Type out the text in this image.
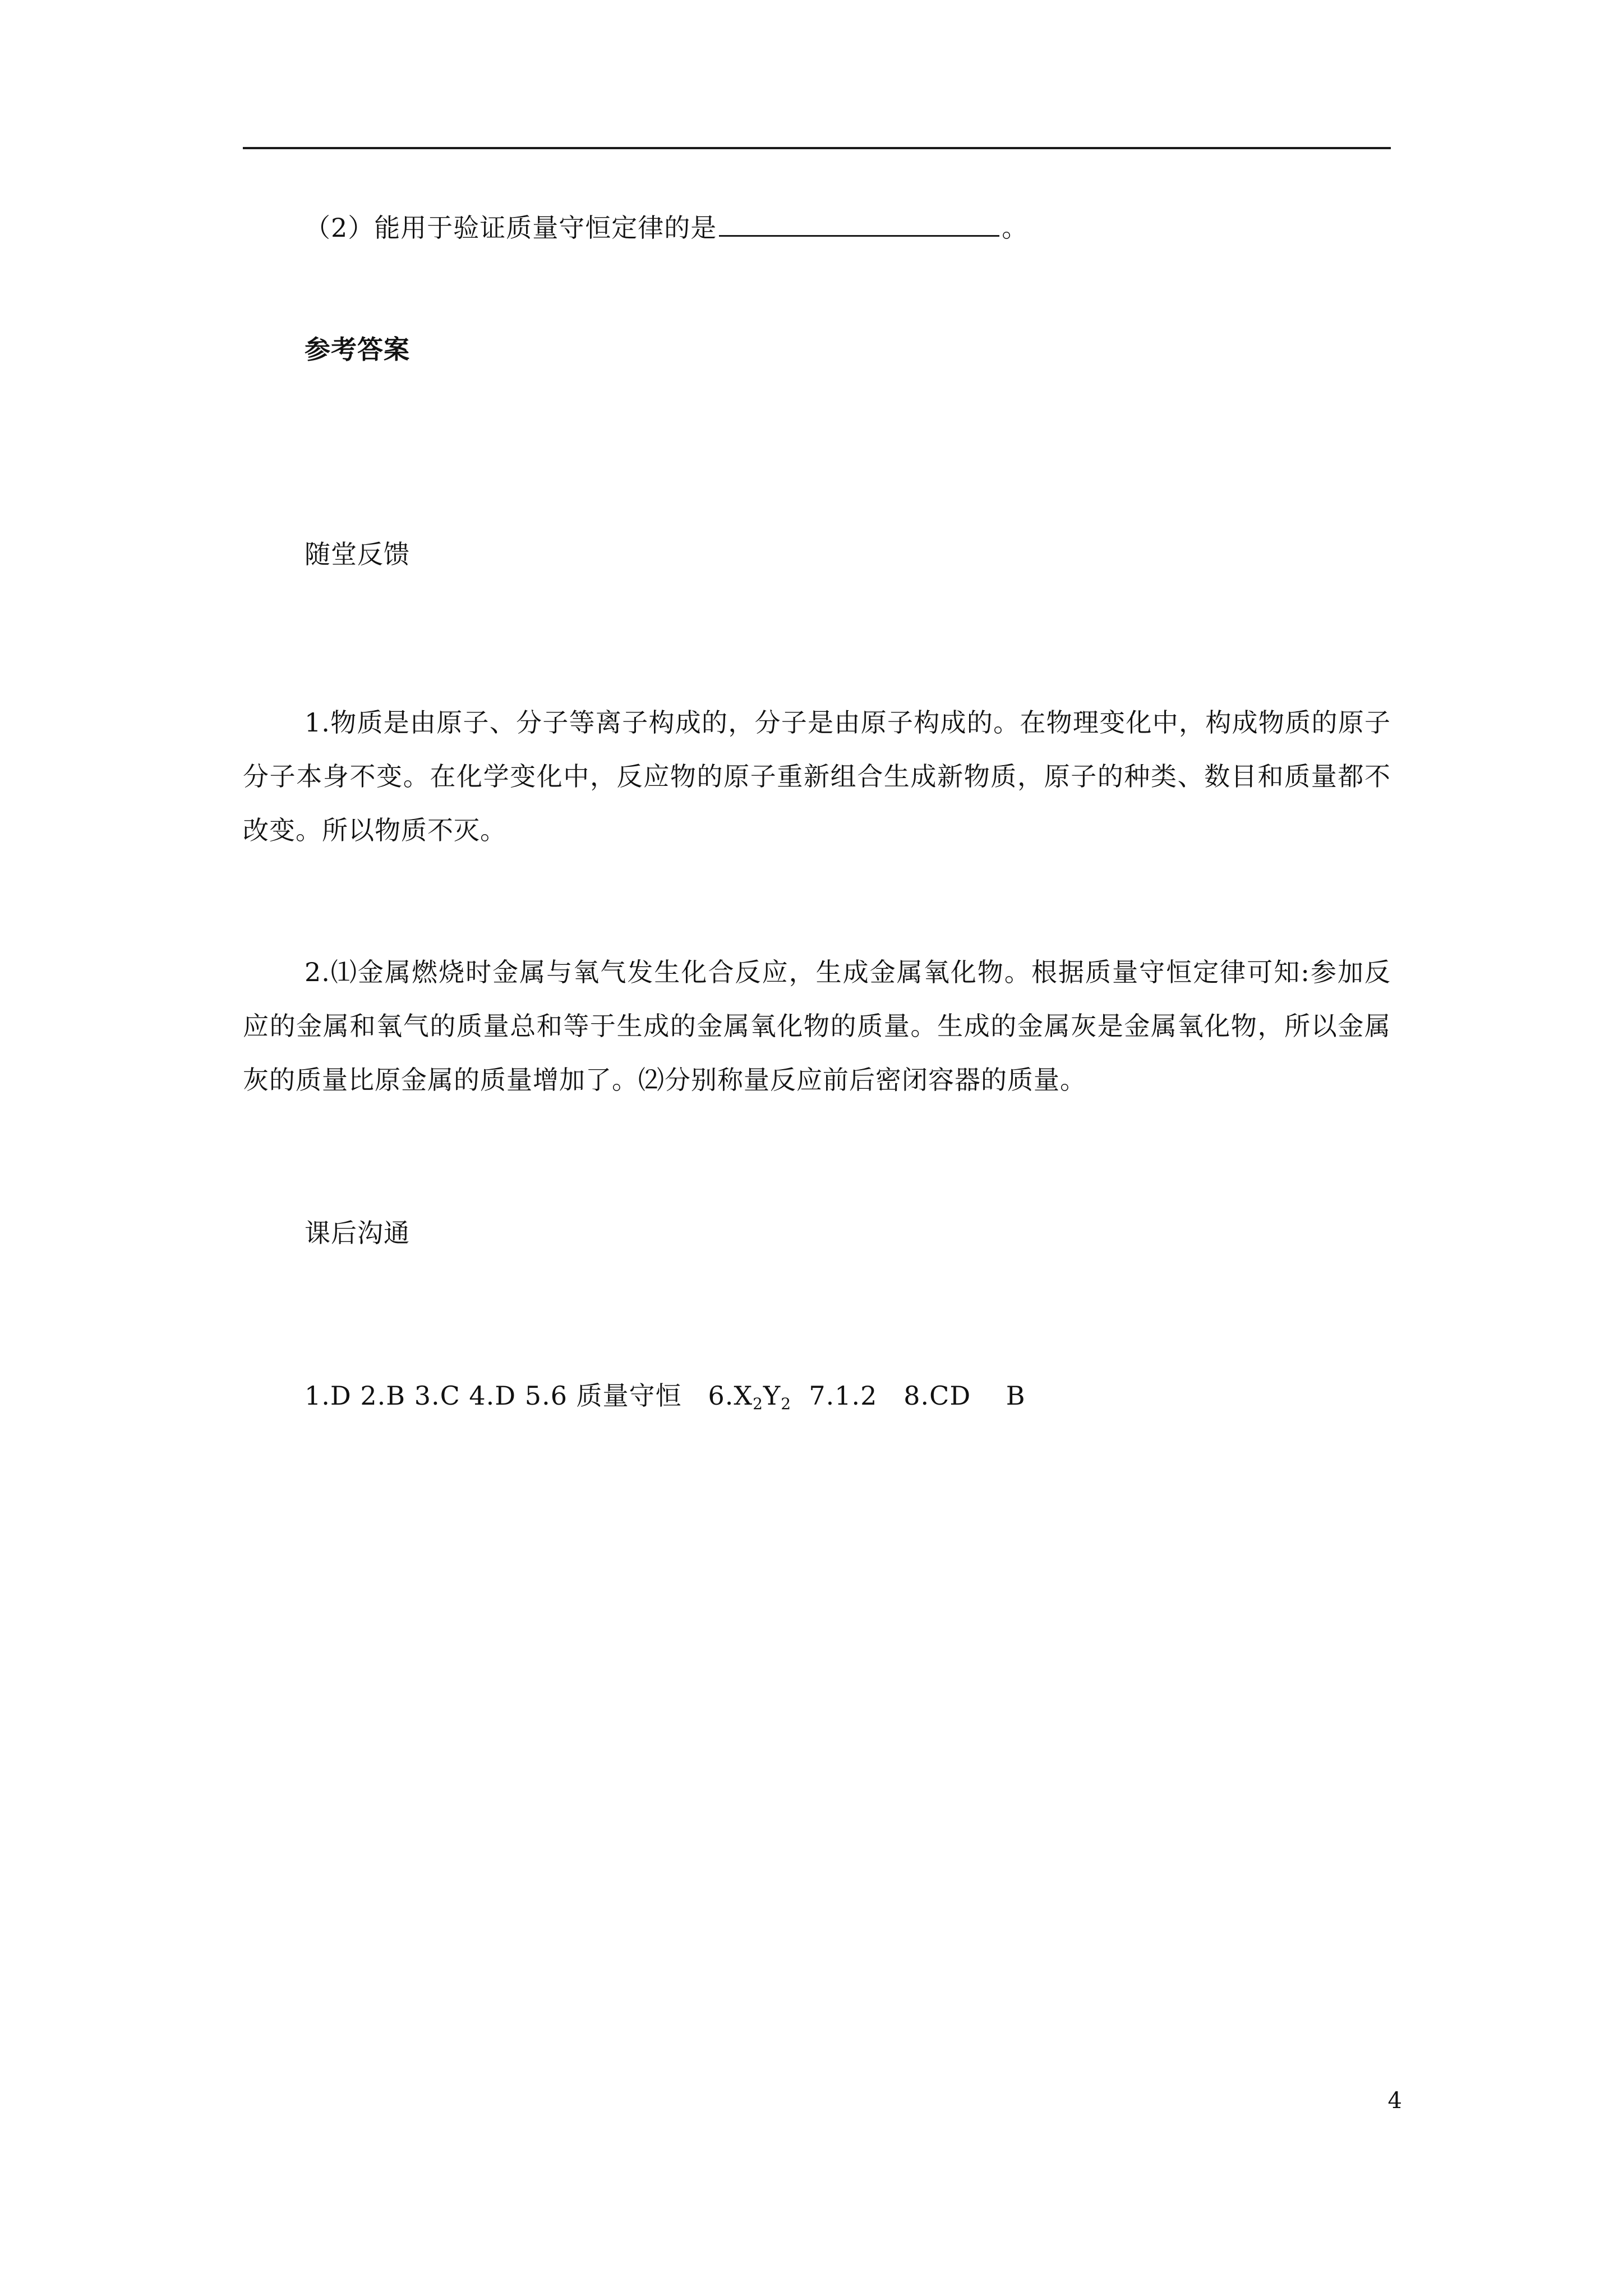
（2）能用于验证质量守恒定律的是	。
参考答案
随堂反馈
1.物质是由原子、分子等离子构成的，分子是由原子构成的。在物理变化中，构成物质的原子分子本身不变。在化学变化中，反应物的原子重新组合生成新物质，原子的种类、数目和质量都不改变。所以物质不灭。
2.⑴金属燃烧时金属与氧气发生化合反应，生成金属氧化物。根据质量守恒定律可知:参加反应的金属和氧气的质量总和等于生成的金属氧化物的质量。生成的金属灰是金属氧化物，所以金属灰的质量比原金属的质量增加了。⑵分别称量反应前后密闭容器的质量。
课后沟通
1.D 2.B 3.C 4.D 5.6 质量守恒   $6.X_2Y_2$  7.1.2   8.CD    B
4
